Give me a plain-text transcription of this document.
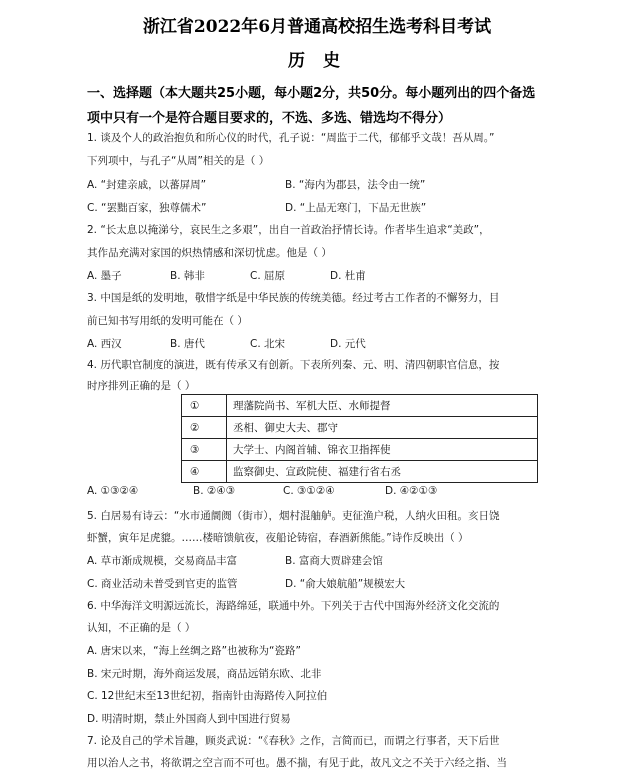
浙江省2022年6月普通高校招生选考科目考试
历 史
一、选择题（本大题共25小题，每小题2分，共50分。每小题列出的四个备选
项中只有一个是符合题目要求的，不选、多选、错选均不得分）
1. 谈及个人的政治抱负和所心仪的时代，孔子说：“周监于二代，郁郁乎文哉！吾从周。”
下列项中，与孔子“从周”相关的是（ ）
A. “封建亲戚，以蕃屏周”	B. “海内为郡县，法令由一统”
C. “罢黜百家，独尊儒术”	D. “上品无寒门，下品无世族”
2. “长太息以掩涕兮，哀民生之多艰”，出自一首政治抒情长诗。作者毕生追求“美政”，
其作品充满对家国的炽热情感和深切忧虑。他是（ ）
A. 墨子	B. 韩非	C. 屈原	D. 杜甫
3. 中国是纸的发明地，敬惜字纸是中华民族的传统美德。经过考古工作者的不懈努力，目
前已知书写用纸的发明可能在（ ）
A. 西汉	B. 唐代	C. 北宋	D. 元代
4. 历代职官制度的演进，既有传承又有创新。下表所列秦、元、明、清四朝职官信息，按
时序排列正确的是（ ）
①	理藩院尚书、军机大臣、水师提督
②	丞相、御史大夫、郡守
③	大学士、内阁首辅、锦衣卫指挥使
④	监察御史、宣政院使、福建行省右丞
A. ①③②④	B. ②④③	C. ③①②④	D. ④②①③
5. 白居易有诗云：“水市通阛阓（街市），烟村混舳舻。吏征渔户税，人纳火田租。亥日饶
虾蟹，寅年足虎貔。……楼暗馈航夜，夜船论铸宿，春酒新熊能。”诗作反映出（ ）
A. 草市渐成规模，交易商品丰富	B. 富商大贾辟建会馆
C. 商业活动未普受到官吏的监管	D. “俞大娘航船”规模宏大
6. 中华海洋文明源远流长，海路绵延，联通中外。下列关于古代中国海外经济文化交流的
认知，不正确的是（ ）
A. 唐宋以来，“海上丝绸之路”也被称为“瓷路”
B. 宋元时期，海外商运发展，商品远销东欧、北非
C. 12世纪末至13世纪初，指南针由海路传入阿拉伯
D. 明清时期，禁止外国商人到中国进行贸易
7. 论及自己的学术旨趣，顾炎武说：“《春秋》之作，言简而已，而谓之行事者，天下后世
用以治人之书，将欲谓之空言而不可也。愚不揣，有见于此，故凡文之不关于六经之指、当
